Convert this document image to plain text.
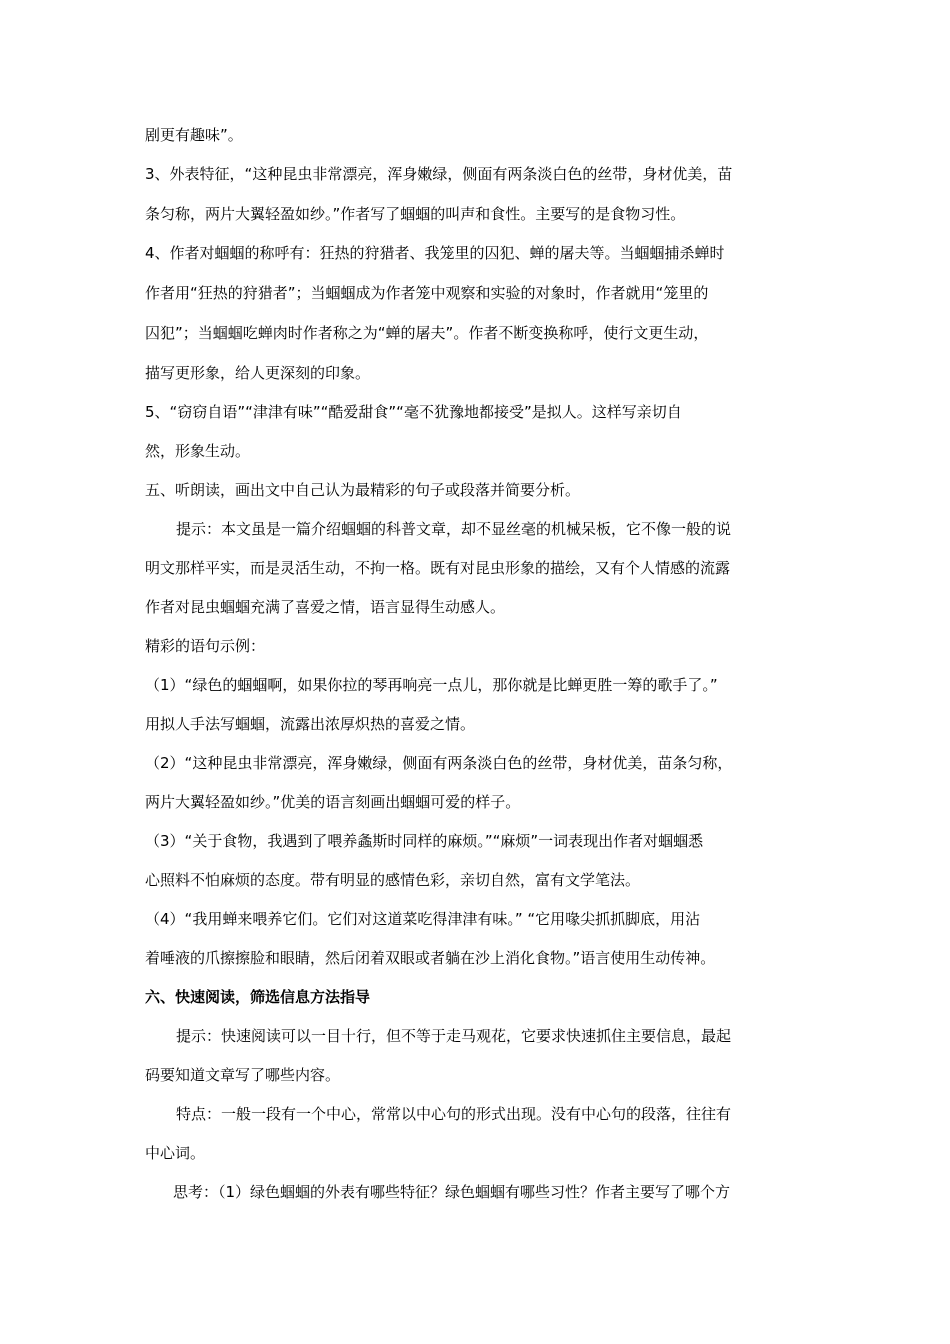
剧更有趣味”。
3、外表特征，“这种昆虫非常漂亮，浑身嫩绿，侧面有两条淡白色的丝带，身材优美，苗
条匀称，两片大翼轻盈如纱。”作者写了蝈蝈的叫声和食性。主要写的是食物习性。
4、作者对蝈蝈的称呼有：狂热的狩猎者、我笼里的囚犯、蝉的屠夫等。当蝈蝈捕杀蝉时
作者用“狂热的狩猎者”；当蝈蝈成为作者笼中观察和实验的对象时，作者就用“笼里的
囚犯”；当蝈蝈吃蝉肉时作者称之为“蝉的屠夫”。作者不断变换称呼，使行文更生动，
描写更形象，给人更深刻的印象。
5、“窃窃自语”“津津有味”“酷爱甜食”“毫不犹豫地都接受”是拟人。这样写亲切自
然，形象生动。
五、听朗读，画出文中自己认为最精彩的句子或段落并简要分析。
提示：本文虽是一篇介绍蝈蝈的科普文章，却不显丝毫的机械呆板，它不像一般的说
明文那样平实，而是灵活生动，不拘一格。既有对昆虫形象的描绘，又有个人情感的流露
作者对昆虫蝈蝈充满了喜爱之情，语言显得生动感人。
精彩的语句示例：
（1）“绿色的蝈蝈啊，如果你拉的琴再响亮一点儿，那你就是比蝉更胜一筹的歌手了。”
用拟人手法写蝈蝈，流露出浓厚炽热的喜爱之情。
（2）“这种昆虫非常漂亮，浑身嫩绿，侧面有两条淡白色的丝带，身材优美，苗条匀称，
两片大翼轻盈如纱。”优美的语言刻画出蝈蝈可爱的样子。
（3）“关于食物，我遇到了喂养螽斯时同样的麻烦。”“麻烦”一词表现出作者对蝈蝈悉
心照料不怕麻烦的态度。带有明显的感情色彩，亲切自然，富有文学笔法。
（4）“我用蝉来喂养它们。它们对这道菜吃得津津有味。” “它用喙尖抓抓脚底，用沾
着唾液的爪擦擦脸和眼睛，然后闭着双眼或者躺在沙上消化食物。”语言使用生动传神。
六、快速阅读，筛选信息方法指导
提示：快速阅读可以一目十行，但不等于走马观花，它要求快速抓住主要信息，最起
码要知道文章写了哪些内容。
特点：一般一段有一个中心，常常以中心句的形式出现。没有中心句的段落，往往有
中心词。
思考：（1）绿色蝈蝈的外表有哪些特征？绿色蝈蝈有哪些习性？作者主要写了哪个方
